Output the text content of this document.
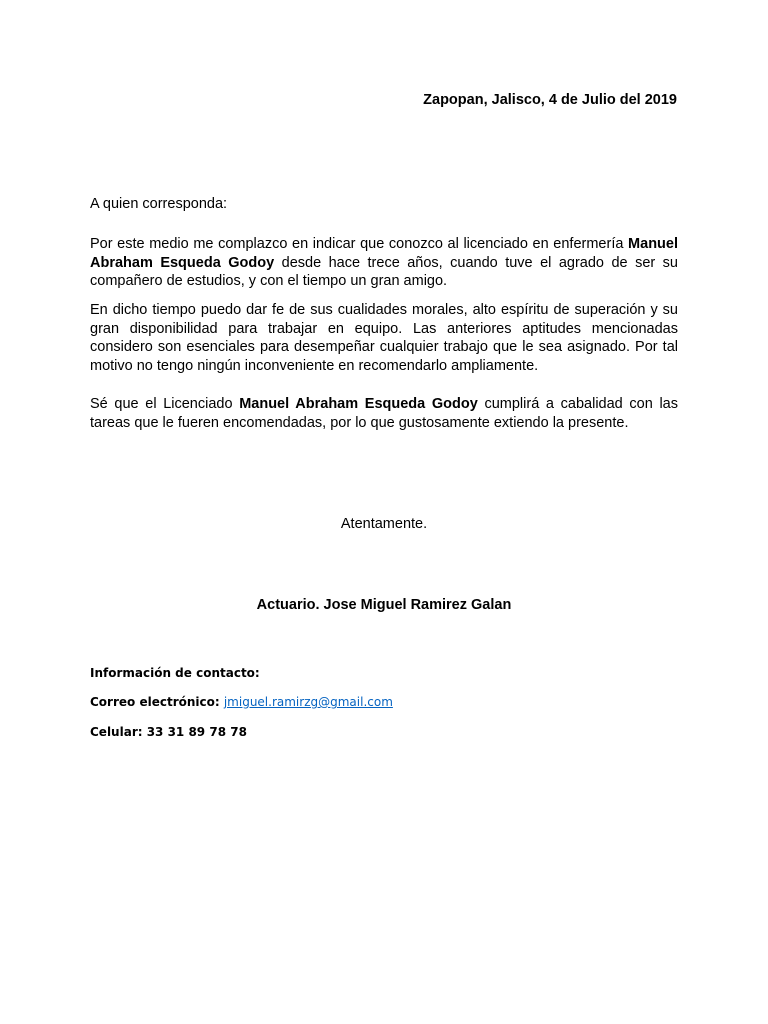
Zapopan, Jalisco, 4 de Julio del 2019
A quien corresponda:

Por este medio me complazco en indicar que conozco al licenciado en enfermería Manuel Abraham Esqueda Godoy desde hace trece años, cuando tuve el agrado de ser su compañero de estudios, y con el tiempo un gran amigo.

En dicho tiempo puedo dar fe de sus cualidades morales, alto espíritu de superación y su gran disponibilidad para trabajar en equipo. Las anteriores aptitudes mencionadas considero son esenciales para desempeñar cualquier trabajo que le sea asignado. Por tal motivo no tengo ningún inconveniente en recomendarlo ampliamente.

Sé que el Licenciado Manuel Abraham Esqueda Godoy cumplirá a cabalidad con las tareas que le fueren encomendadas, por lo que gustosamente extiendo la presente.

Atentamente.
Actuario. Jose Miguel Ramirez Galan
Información de contacto:
Correo electrónico: jmiguel.ramirzg@gmail.com
Celular: 33 31 89 78 78
